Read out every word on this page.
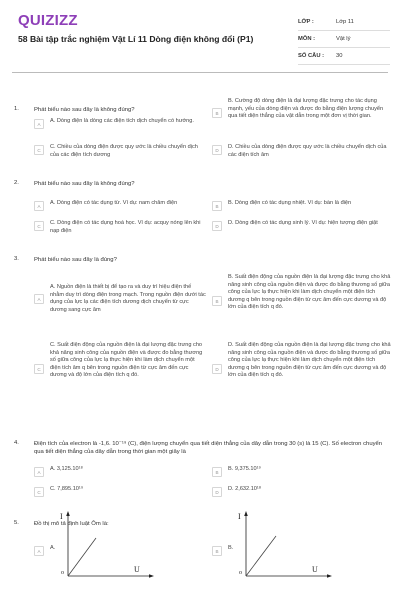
QUIZIZZ
58 Bài tập trắc nghiệm Vật Lí 11 Dòng điện không đổi (P1)
LỚP :	Lớp 11
MÔN :	Vật lý
SỐ CÂU :	30
1.	Phát biểu nào sau đây là không đúng?
A	A. Dòng điện là dòng các điện tích dịch chuyển có hướng.
B
B. Cường độ dòng điện là đại lượng đặc trưng cho tác dụng mạnh, yếu của dòng điện và được đo bằng điện lượng chuyển qua tiết diện thẳng của vật dẫn trong một đơn vị thời gian.
C	C. Chiều của dòng điện được quy ước là chiều chuyển dịch của các điện tích dương
D	D. Chiều của dòng điện được quy ước là chiều chuyển dịch của các điện tích âm
2.	Phát biểu nào sau đây là không đúng?
A	A. Dòng điện có tác dụng từ. Ví dụ: nam châm điện	B	B. Dòng điện có tác dụng nhiệt. Ví dụ: bàn là điện
C	C. Dòng điện có tác dụng hoá học. Ví dụ: acquy nóng lên khi nạp điện
D	D. Dòng điện có tác dụng sinh lý. Ví dụ: hiện tượng điện giật
3.	Phát biểu nào sau đây là đúng?
A
A. Nguồn điện là thiết bị để tạo ra và duy trì hiệu điện thế nhằm duy trì dòng điện trong mạch. Trong nguồn điện dưới tác dụng của lực lạ các điện tích dương dịch chuyển từ cực dương sang cực âm
B
B. Suất điện động của nguồn điện là đại lượng đặc trưng cho khả năng sinh công của nguồn điện và được đo bằng thương số giữa công của lực lạ thực hiện khi làm dịch chuyển một điện tích dương q bên trong nguồn điện từ cực âm đến cực dương và độ lớn của điện tích q đó.
C
C. Suất điện động của nguồn điện là đại lượng đặc trưng cho khả năng sinh công của nguồn điện và được đo bằng thương số giữa công của lực lạ thực hiện khi làm dịch chuyển một điện tích âm q bên trong nguồn điện từ cực âm đến cực dương và độ lớn của điện tích q đó.
D
D. Suất điện động của nguồn điện là đại lượng đặc trưng cho khả năng sinh công của nguồn điện và được đo bằng thương số giữa công của lực lạ thực hiện khi làm dịch chuyển một điện tích dương q bên trong nguồn điện từ cực âm đến cực dương và độ lớn của điện tích q đó.
4.	Điện tích của electron là -1,6. 10⁻¹⁹ (C), điện lượng chuyển qua tiết diện thẳng của dây dẫn trong 30 (s) là 15 (C). Số electron chuyển qua tiết diện thẳng của dây dẫn trong thời gian một giây là
A	A. 3,125.10¹⁸	B	B. 9,375.10¹⁹
C	C. 7,895.10¹⁹	D	D. 2,632.10¹⁸
5.	Đồ thị mô tả định luật Ôm là:
A	A.
I
U
o
B	B.
I
U
o
